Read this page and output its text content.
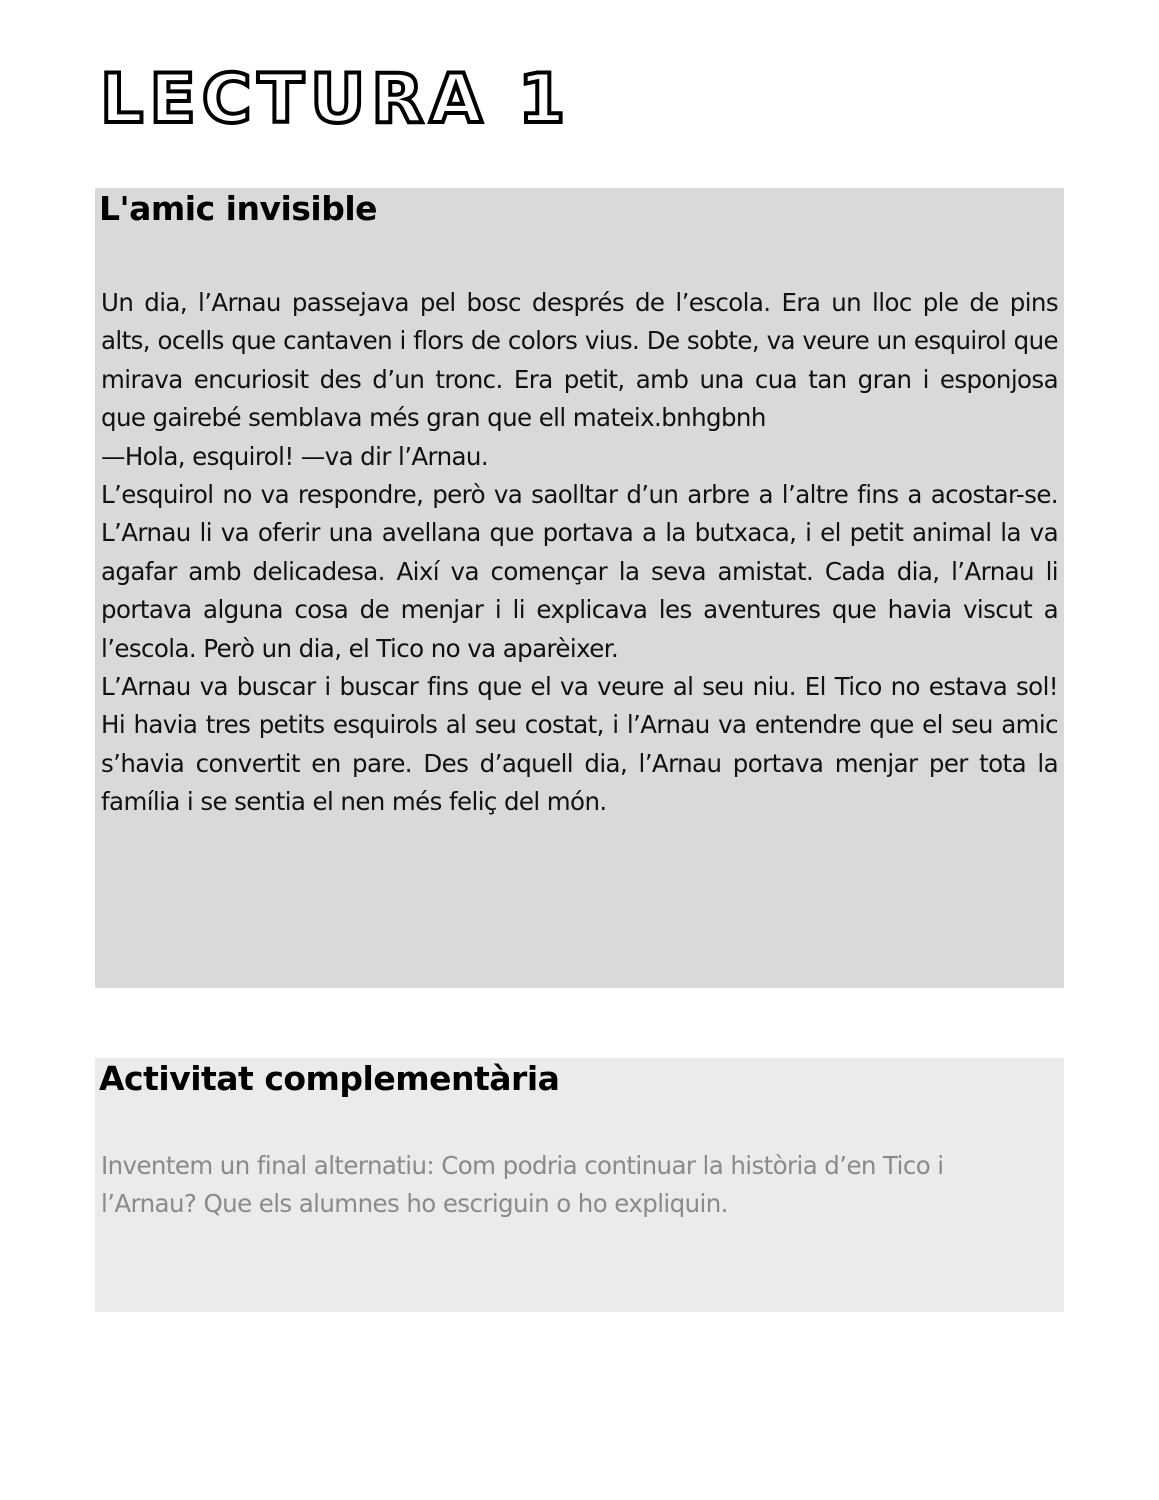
LECTURA 1
L'amic invisible

Un dia, l’Arnau passejava pel bosc després de l’escola. Era un lloc ple de pins alts, ocells que cantaven i flors de colors vius. De sobte, va veure un esquirol que mirava encuriosit des d’un tronc. Era petit, amb una cua tan gran i esponjosa que gairebé semblava més gran que ell mateix.bnhgbnh

—Hola, esquirol! —va dir l’Arnau.

L’esquirol no va respondre, però va saolltar d’un arbre a l’altre fins a acostar-se. L’Arnau li va oferir una avellana que portava a la butxaca, i el petit animal la va agafar amb delicadesa. Així va començar la seva amistat. Cada dia, l’Arnau li portava alguna cosa de menjar i li explicava les aventures que havia viscut a l’escola. Però un dia, el Tico no va aparèixer.

L’Arnau va buscar i buscar fins que el va veure al seu niu. El Tico no estava sol! Hi havia tres petits esquirols al seu costat, i l’Arnau va entendre que el seu amic s’havia convertit en pare. Des d’aquell dia, l’Arnau portava menjar per tota la família i se sentia el nen més feliç del món.

Activitat complementària
Inventem un final alternatiu: Com podria continuar la història d’en Tico i l’Arnau? Que els alumnes ho escriguin o ho expliquin.
